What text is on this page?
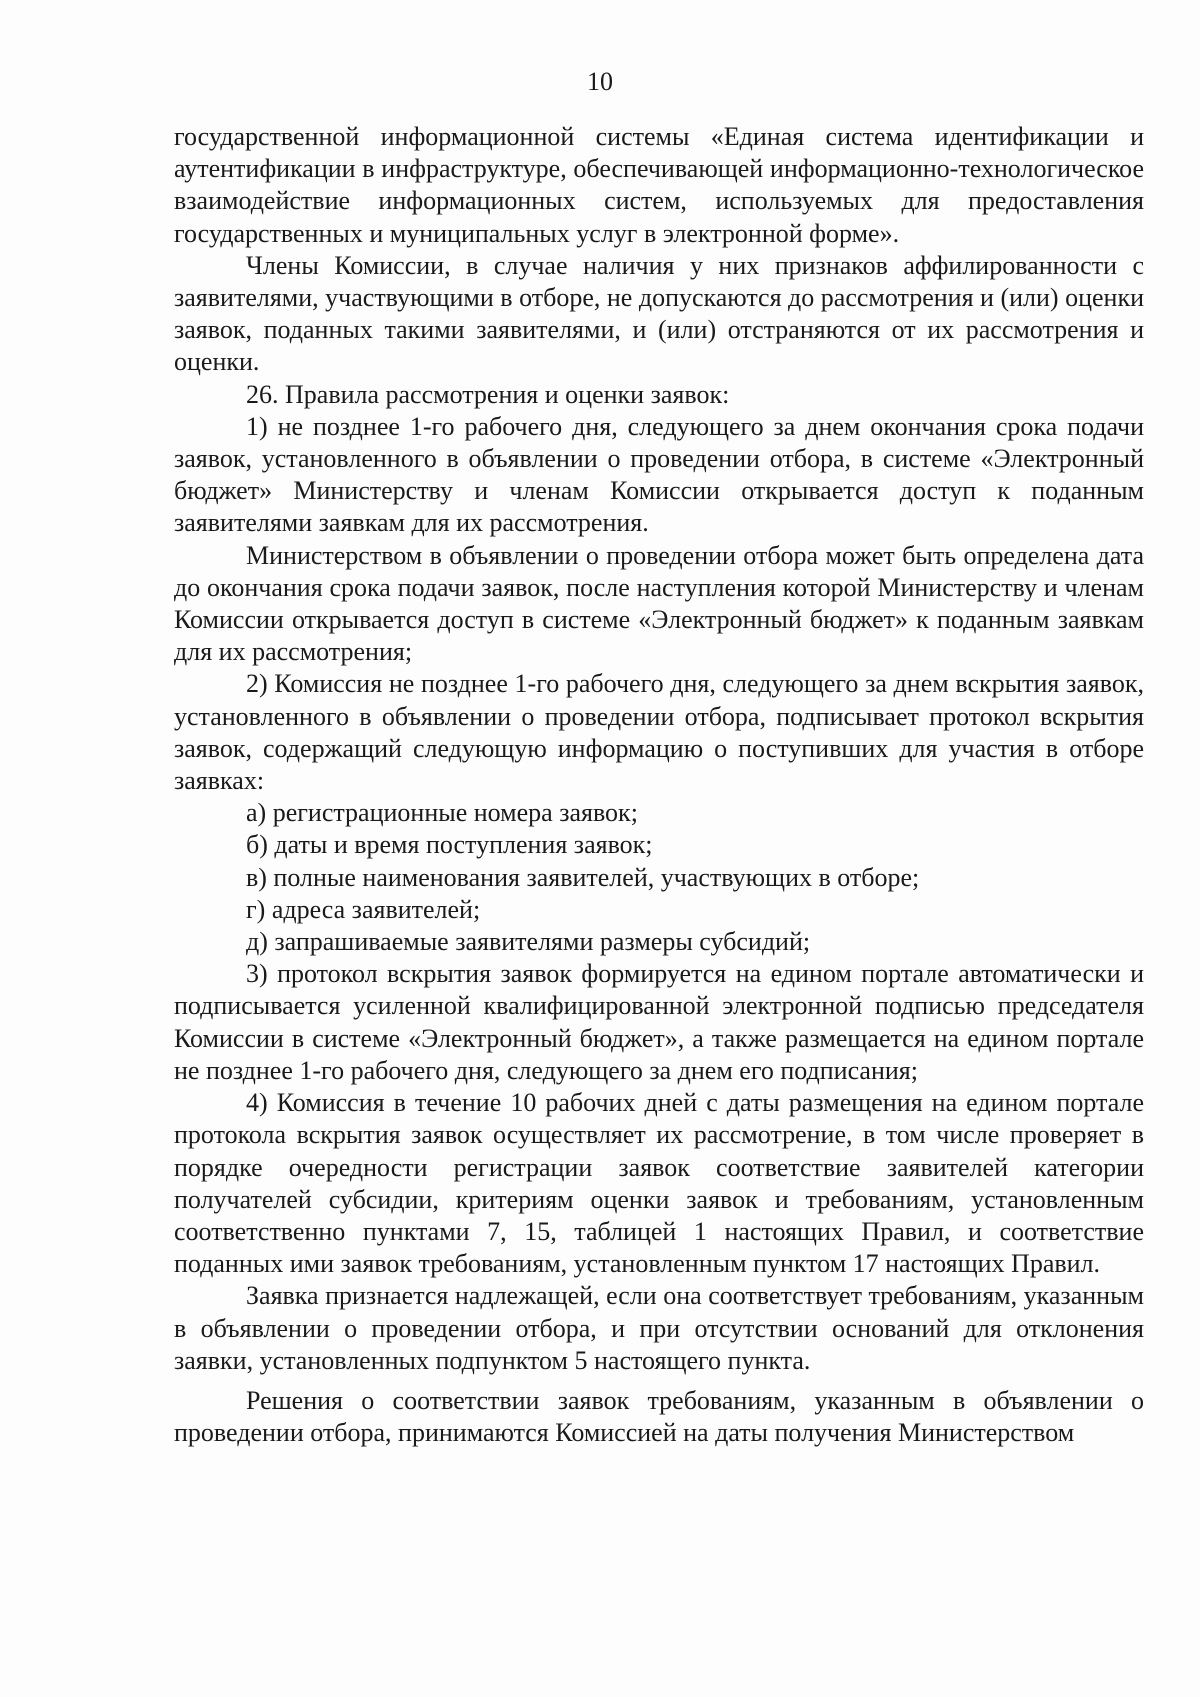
10

государственной информационной системы «Единая система идентификации и аутентификации в инфраструктуре, обеспечивающей информационно-технологическое взаимодействие информационных систем, используемых для предоставления государственных и муниципальных услуг в электронной форме».

Члены Комиссии, в случае наличия у них признаков аффилированности с заявителями, участвующими в отборе, не допускаются до рассмотрения и (или) оценки заявок, поданных такими заявителями, и (или) отстраняются от их рассмотрения и оценки.

26. Правила рассмотрения и оценки заявок:

1) не позднее 1-го рабочего дня, следующего за днем окончания срока подачи заявок, установленного в объявлении о проведении отбора, в системе «Электронный бюджет» Министерству и членам Комиссии открывается доступ к поданным заявителями заявкам для их рассмотрения.

Министерством в объявлении о проведении отбора может быть определена дата до окончания срока подачи заявок, после наступления которой Министерству и членам Комиссии открывается доступ в системе «Электронный бюджет» к поданным заявкам для их рассмотрения;

2) Комиссия не позднее 1-го рабочего дня, следующего за днем вскрытия заявок, установленного в объявлении о проведении отбора, подписывает протокол вскрытия заявок, содержащий следующую информацию о поступивших для участия в отборе заявках:

а) регистрационные номера заявок;

б) даты и время поступления заявок;

в) полные наименования заявителей, участвующих в отборе;

г) адреса заявителей;

д) запрашиваемые заявителями размеры субсидий;

3) протокол вскрытия заявок формируется на едином портале автоматически и подписывается усиленной квалифицированной электронной подписью председателя Комиссии в системе «Электронный бюджет», а также размещается на едином портале не позднее 1-го рабочего дня, следующего за днем его подписания;

4) Комиссия в течение 10 рабочих дней с даты размещения на едином портале протокола вскрытия заявок осуществляет их рассмотрение, в том числе проверяет в порядке очередности регистрации заявок соответствие заявителей категории получателей субсидии, критериям оценки заявок и требованиям, установленным соответственно пунктами 7, 15, таблицей 1 настоящих Правил, и соответствие поданных ими заявок требованиям, установленным пунктом 17 настоящих Правил.

Заявка признается надлежащей, если она соответствует требованиям, указанным в объявлении о проведении отбора, и при отсутствии оснований для отклонения заявки, установленных подпунктом 5 настоящего пункта.

Решения о соответствии заявок требованиям, указанным в объявлении о проведении отбора, принимаются Комиссией на даты получения Министерством
